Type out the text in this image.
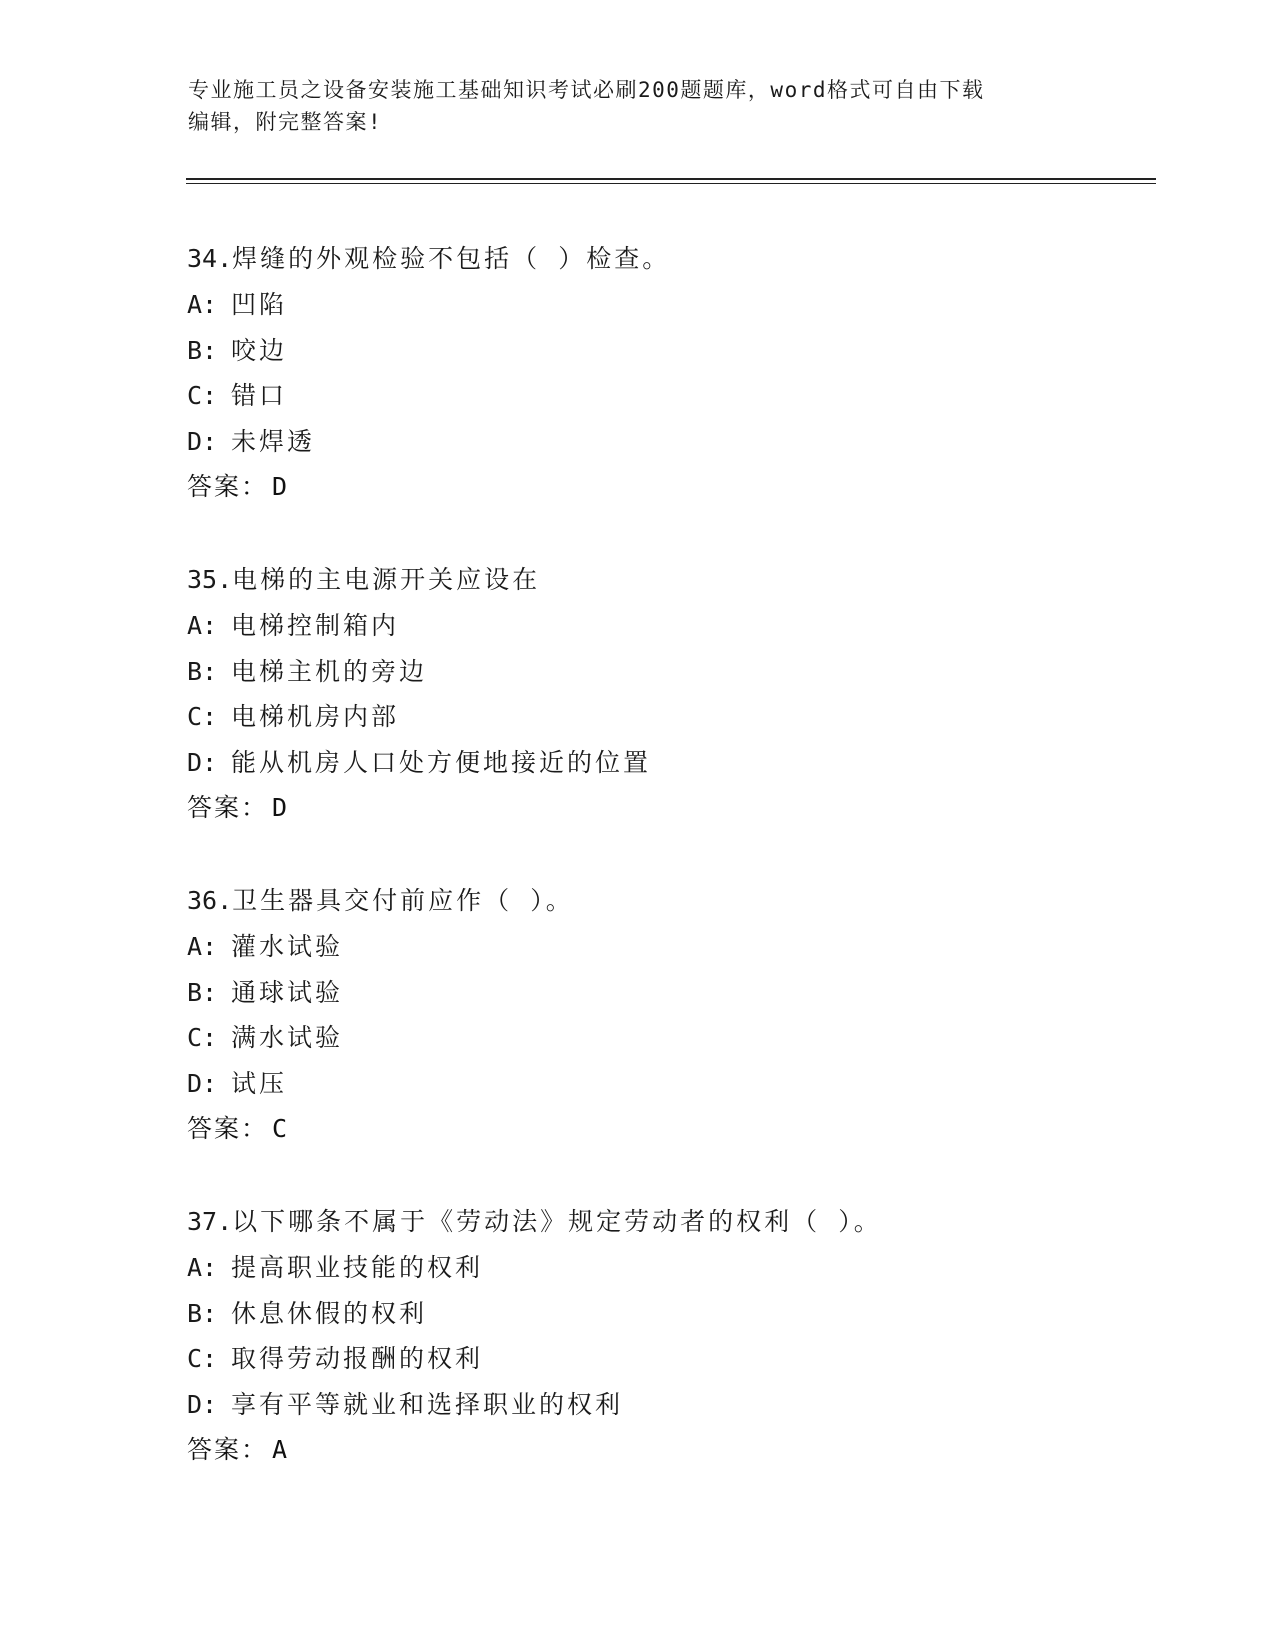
专业施工员之设备安装施工基础知识考试必刷200题题库，word格式可自由下载
编辑，附完整答案!
34.焊缝的外观检验不包括（ ）检查。
A: 凹陷
B: 咬边
C: 错口
D: 未焊透
答案： D
35.电梯的主电源开关应设在
A: 电梯控制箱内
B: 电梯主机的旁边
C: 电梯机房内部
D: 能从机房人口处方便地接近的位置
答案： D
36.卫生器具交付前应作（ ）。
A: 灌水试验
B: 通球试验
C: 满水试验
D: 试压
答案： C
37.以下哪条不属于《劳动法》规定劳动者的权利（ ）。
A: 提高职业技能的权利
B: 休息休假的权利
C: 取得劳动报酬的权利
D: 享有平等就业和选择职业的权利
答案： A
